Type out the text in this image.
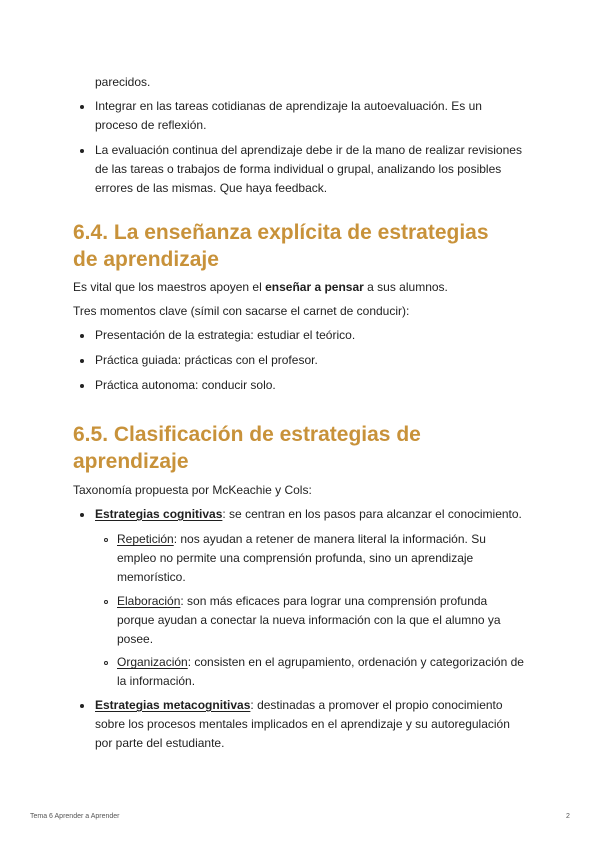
parecidos.

Integrar en las tareas cotidianas de aprendizaje la autoevaluación. Es un
proceso de reflexión.

La evaluación continua del aprendizaje debe ir de la mano de realizar revisiones
de las tareas o trabajos de forma individual o grupal, analizando los posibles
errores de las mismas. Que haya feedback.

6.4. La enseñanza explícita de estrategias
de aprendizaje

Es vital que los maestros apoyen el enseñar a pensar a sus alumnos.

Tres momentos clave (símil con sacarse el carnet de conducir):

Presentación de la estrategia: estudiar el teórico.

Práctica guiada: prácticas con el profesor.

Práctica autonoma: conducir solo.

6.5. Clasificación de estrategias de
aprendizaje

Taxonomía propuesta por McKeachie y Cols:

Estrategias cognitivas: se centran en los pasos para alcanzar el conocimiento.

Repetición: nos ayudan a retener de manera literal la información. Su
empleo no permite una comprensión profunda, sino un aprendizaje
memorístico.

Elaboración: son más eficaces para lograr una comprensión profunda
porque ayudan a conectar la nueva información con la que el alumno ya
posee.

Organización: consisten en el agrupamiento, ordenación y categorización de
la información.

Estrategias metacognitivas: destinadas a promover el propio conocimiento
sobre los procesos mentales implicados en el aprendizaje y su autoregulación
por parte del estudiante.

Tema 6 Aprender a Aprender	2
